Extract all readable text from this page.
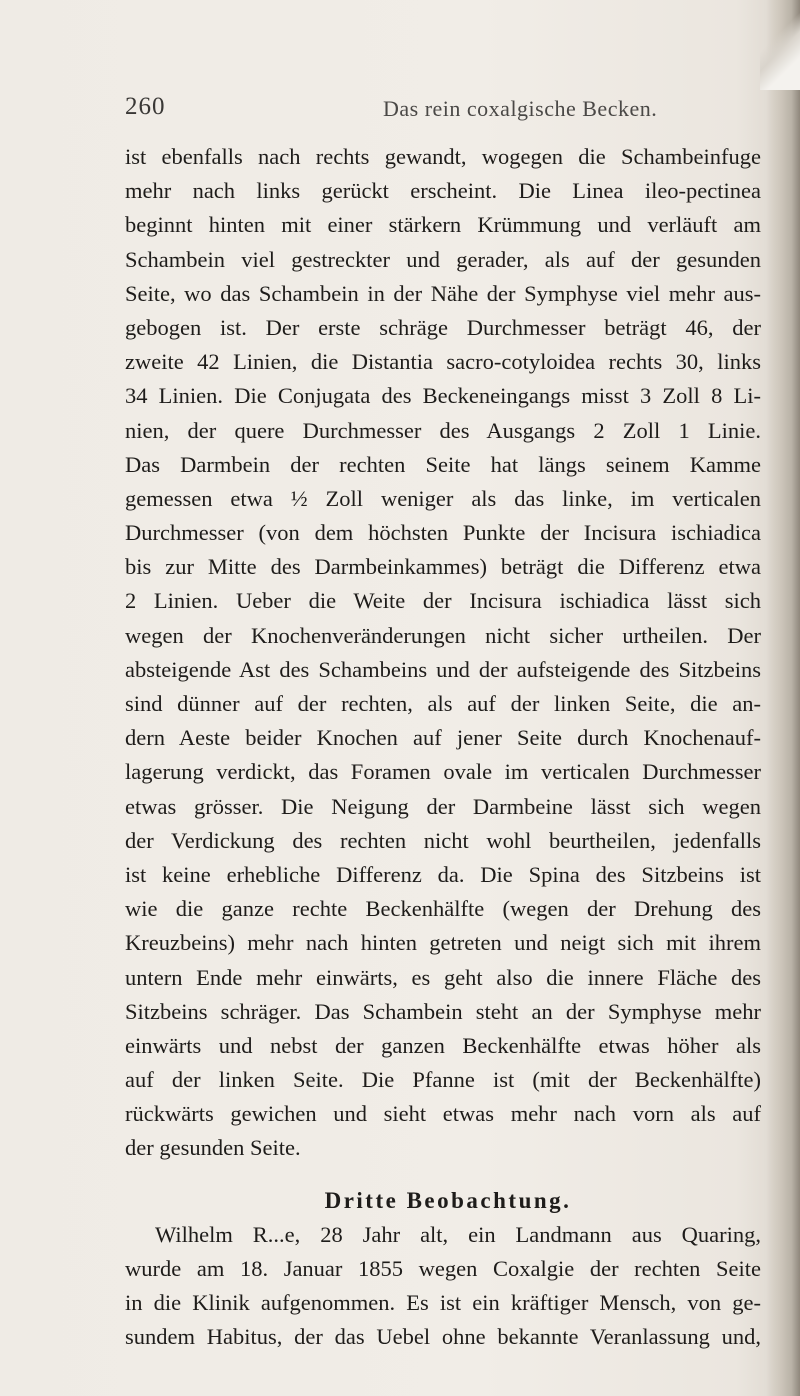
260	Das rein coxalgische Becken.
ist ebenfalls nach rechts gewandt, wogegen die Schambeinfuge
mehr nach links gerückt erscheint. Die Linea ileo-pectinea
beginnt hinten mit einer stärkern Krümmung und verläuft am
Schambein viel gestreckter und gerader, als auf der gesunden
Seite, wo das Schambein in der Nähe der Symphyse viel mehr aus-
gebogen ist. Der erste schräge Durchmesser beträgt 46, der
zweite 42 Linien, die Distantia sacro-cotyloidea rechts 30, links
34 Linien. Die Conjugata des Beckeneingangs misst 3 Zoll 8 Li-
nien, der quere Durchmesser des Ausgangs 2 Zoll 1 Linie.
Das Darmbein der rechten Seite hat längs seinem Kamme
gemessen etwa ½ Zoll weniger als das linke, im verticalen
Durchmesser (von dem höchsten Punkte der Incisura ischiadica
bis zur Mitte des Darmbeinkammes) beträgt die Differenz etwa
2 Linien. Ueber die Weite der Incisura ischiadica lässt sich
wegen der Knochenveränderungen nicht sicher urtheilen. Der
absteigende Ast des Schambeins und der aufsteigende des Sitzbeins
sind dünner auf der rechten, als auf der linken Seite, die an-
dern Aeste beider Knochen auf jener Seite durch Knochenauf-
lagerung verdickt, das Foramen ovale im verticalen Durchmesser
etwas grösser. Die Neigung der Darmbeine lässt sich wegen
der Verdickung des rechten nicht wohl beurtheilen, jedenfalls
ist keine erhebliche Differenz da. Die Spina des Sitzbeins ist
wie die ganze rechte Beckenhälfte (wegen der Drehung des
Kreuzbeins) mehr nach hinten getreten und neigt sich mit ihrem
untern Ende mehr einwärts, es geht also die innere Fläche des
Sitzbeins schräger. Das Schambein steht an der Symphyse mehr
einwärts und nebst der ganzen Beckenhälfte etwas höher als
auf der linken Seite. Die Pfanne ist (mit der Beckenhälfte)
rückwärts gewichen und sieht etwas mehr nach vorn als auf
der gesunden Seite.
Dritte Beobachtung.
Wilhelm R...e, 28 Jahr alt, ein Landmann aus Quaring,
wurde am 18. Januar 1855 wegen Coxalgie der rechten Seite
in die Klinik aufgenommen. Es ist ein kräftiger Mensch, von ge-
sundem Habitus, der das Uebel ohne bekannte Veranlassung und,
